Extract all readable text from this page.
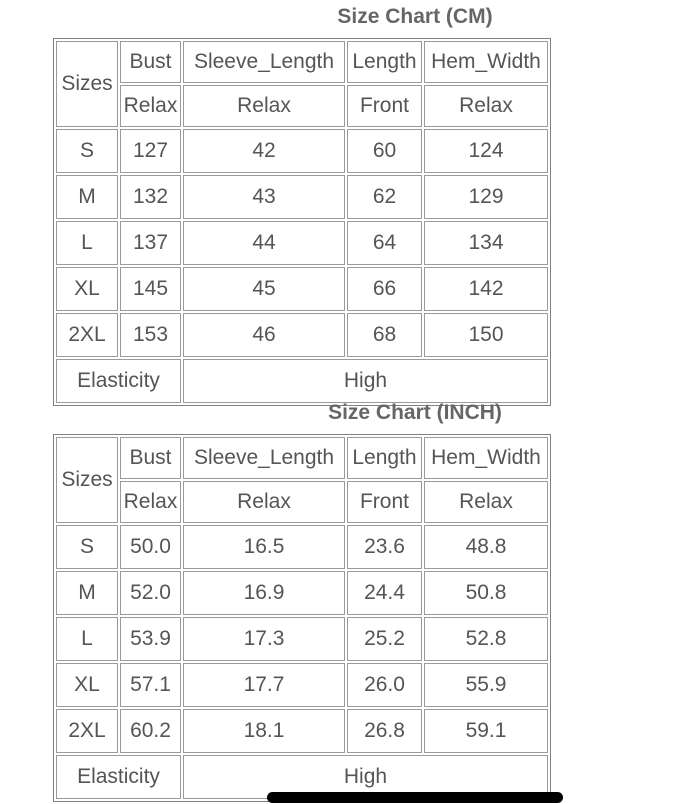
Size Chart (CM)
Sizes	Bust	Sleeve_Length	Length	Hem_Width
	Relax	Relax	Front	Relax
S	127	42	60	124
M	132	43	62	129
L	137	44	64	134
XL	145	45	66	142
2XL	153	46	68	150
Elasticity		High		
Size Chart (INCH)
Sizes	Bust	Sleeve_Length	Length	Hem_Width
	Relax	Relax	Front	Relax
S	50.0	16.5	23.6	48.8
M	52.0	16.9	24.4	50.8
L	53.9	17.3	25.2	52.8
XL	57.1	17.7	26.0	55.9
2XL	60.2	18.1	26.8	59.1
Elasticity		High		
